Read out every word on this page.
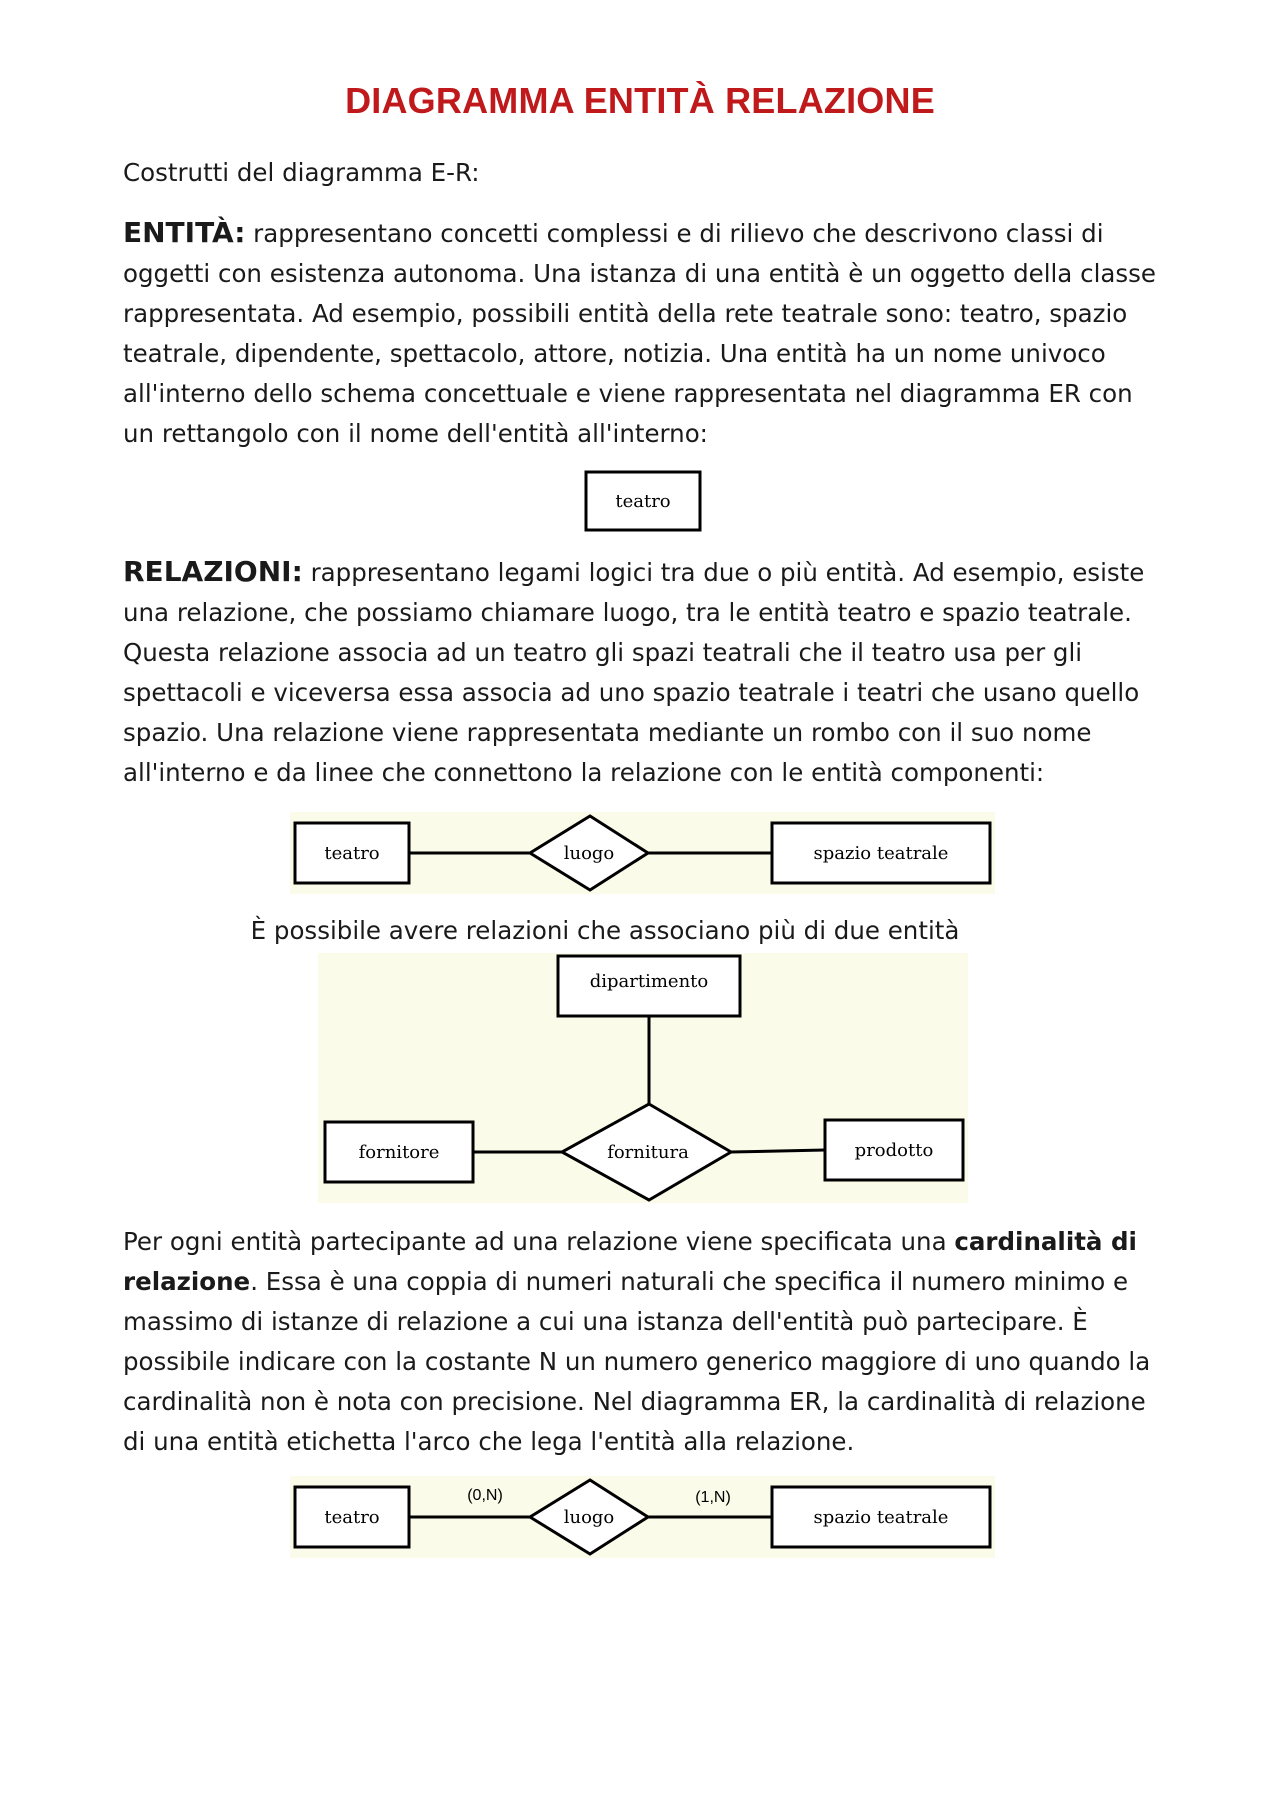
DIAGRAMMA ENTITÀ RELAZIONE

Costrutti del diagramma E-R:

ENTITÀ: rappresentano concetti complessi e di rilievo che descrivono classi di oggetti con esistenza autonoma. Una istanza di una entità è un oggetto della classe rappresentata. Ad esempio, possibili entità della rete teatrale sono: teatro, spazio teatrale, dipendente, spettacolo, attore, notizia. Una entità ha un nome univoco all'interno dello schema concettuale e viene rappresentata nel diagramma ER con un rettangolo con il nome dell'entità all'interno:

teatro

RELAZIONI: rappresentano legami logici tra due o più entità. Ad esempio, esiste una relazione, che possiamo chiamare luogo, tra le entità teatro e spazio teatrale. Questa relazione associa ad un teatro gli spazi teatrali che il teatro usa per gli spettacoli e viceversa essa associa ad uno spazio teatrale i teatri che usano quello spazio. Una relazione viene rappresentata mediante un rombo con il suo nome all'interno e da linee che connettono la relazione con le entità componenti:

teatro	luogo	spazio teatrale
È possibile avere relazioni che associano più di due entità
dipartimento
fornitore	fornitura	prodotto

Per ogni entità partecipante ad una relazione viene specificata una cardinalità di relazione. Essa è una coppia di numeri naturali che specifica il numero minimo e massimo di istanze di relazione a cui una istanza dell'entità può partecipare. È possibile indicare con la costante N un numero generico maggiore di uno quando la cardinalità non è nota con precisione. Nel diagramma ER, la cardinalità di relazione di una entità etichetta l'arco che lega l'entità alla relazione.

teatro
(0,N)
luogo
(1,N)
spazio teatrale
